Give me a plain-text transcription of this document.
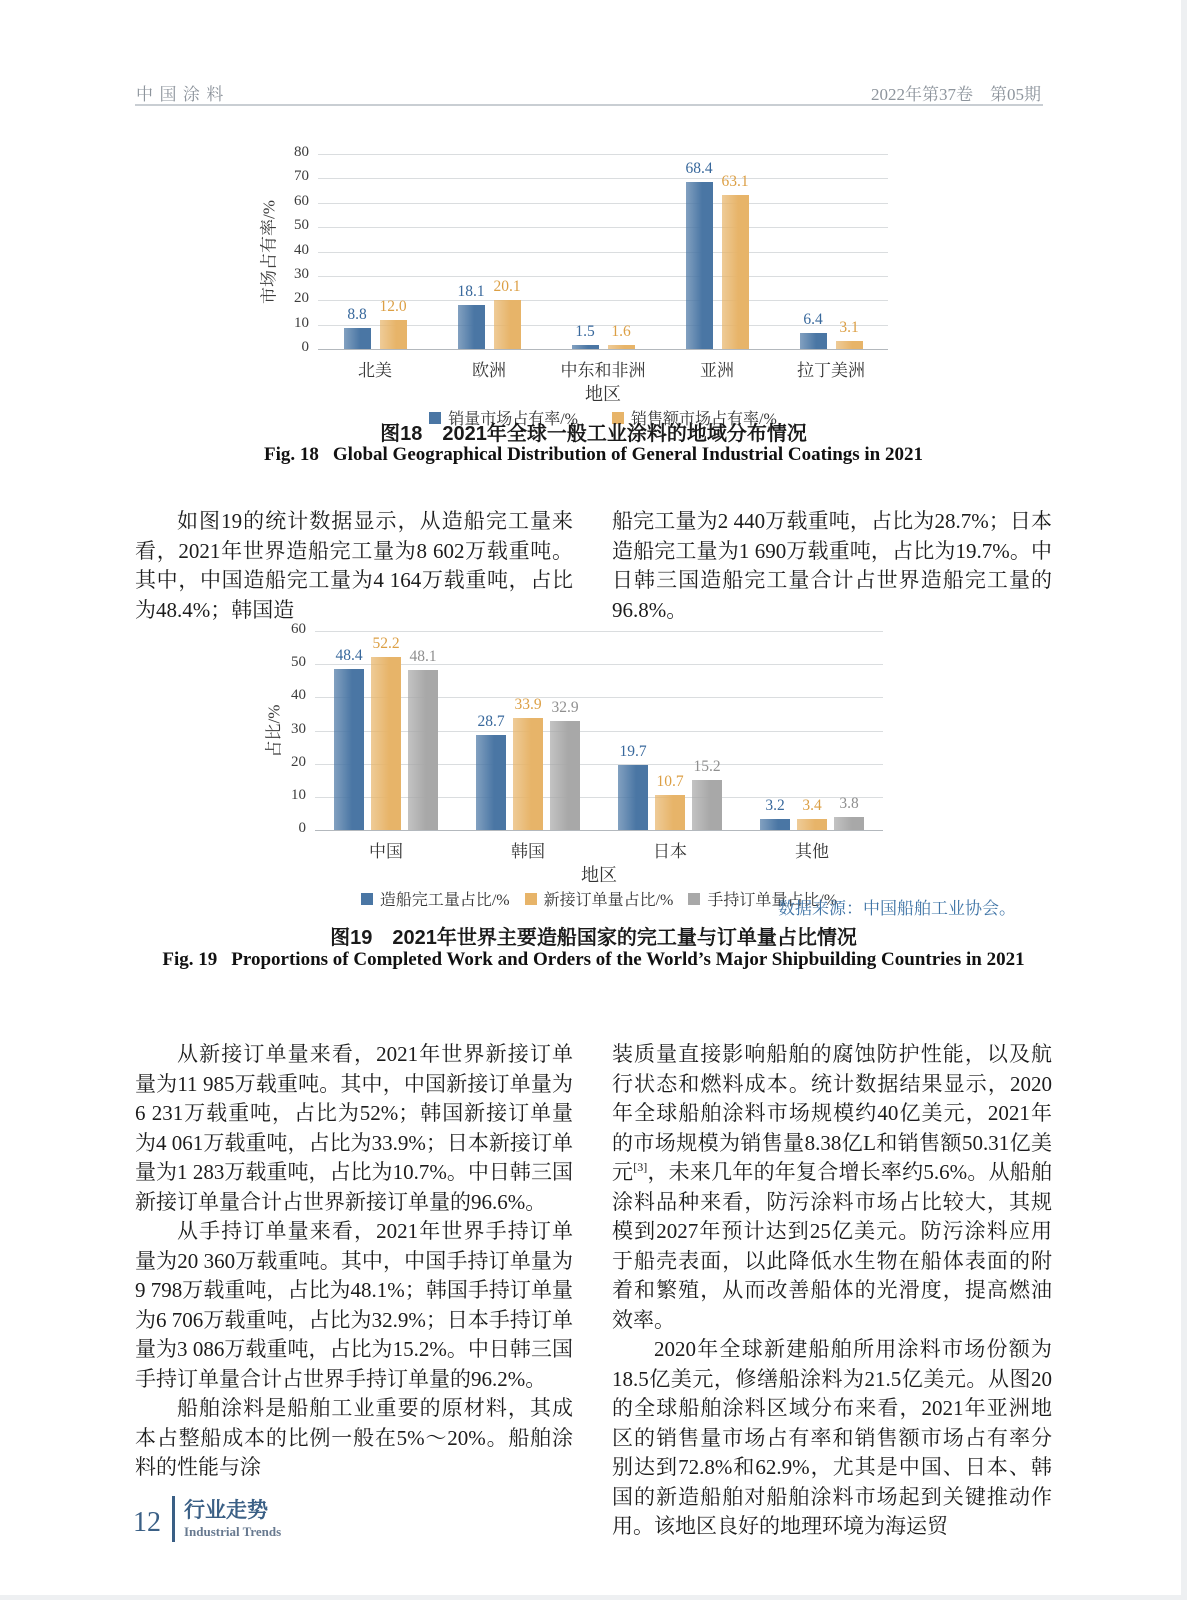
中国涂料	2022年第37卷　第05期
市场占有率/%
0
10
20
30
40
50
60
70
80
北美
8.8 12.0
欧洲
18.1 20.1
中东和非洲
1.5	1.6
亚洲
68.4
63.1
拉丁美洲
6.4	3.1
地区
销量市场占有率/%	销售额市场占有率/%
图18 2021年全球一般工业涂料的地域分布情况
Fig. 18 Global Geographical Distribution of General Industrial Coatings in 2021

如图19的统计数据显示，从造船完工量来看，2021年世界造船完工量为8 602万载重吨。其中，中国造船完工量为4 164万载重吨，占比为48.4%；韩国造

船完工量为2 440万载重吨，占比为28.7%；日本造船完工量为1 690万载重吨，占比为19.7%。中日韩三国造船完工量合计占世界造船完工量的96.8%。

占比/%
0
10
20
30
40
50
60
中国
48.4
52.2
48.1
韩国
28.7
33.9 32.9
日本
19.7
10.7
15.2
其他
3.2	3.4	3.8
地区
造船完工量占比/% 新接订单量占比/% 手持订单量占比/%
数据来源：中国船舶工业协会。
图19 2021年世界主要造船国家的完工量与订单量占比情况
Fig. 19 Proportions of Completed Work and Orders of the World’s Major Shipbuilding Countries in 2021

从新接订单量来看，2021年世界新接订单量为11 985万载重吨。其中，中国新接订单量为6 231万载重吨，占比为52%；韩国新接订单量为4 061万载重吨，占比为33.9%；日本新接订单量为1 283万载重吨，占比为10.7%。中日韩三国新接订单量合计占世界新接订单量的96.6%。

从手持订单量来看，2021年世界手持订单量为20 360万载重吨。其中，中国手持订单量为9 798万载重吨，占比为48.1%；韩国手持订单量为6 706万载重吨，占比为32.9%；日本手持订单量为3 086万载重吨，占比为15.2%。中日韩三国手持订单量合计占世界手持订单量的96.2%。

船舶涂料是船舶工业重要的原材料，其成本占整船成本的比例一般在5%～20%。船舶涂料的性能与涂

装质量直接影响船舶的腐蚀防护性能，以及航行状态和燃料成本。统计数据结果显示，2020年全球船舶涂料市场规模约40亿美元，2021年的市场规模为销售量8.38亿L和销售额50.31亿美元[3]，未来几年的年复合增长率约5.6%。从船舶涂料品种来看，防污涂料市场占比较大，其规模到2027年预计达到25亿美元。防污涂料应用于船壳表面，以此降低水生物在船体表面的附着和繁殖，从而改善船体的光滑度，提高燃油效率。

2020年全球新建船舶所用涂料市场份额为18.5亿美元，修缮船涂料为21.5亿美元。从图20的全球船舶涂料区域分布来看，2021年亚洲地区的销售量市场占有率和销售额市场占有率分别达到72.8%和62.9%，尤其是中国、日本、韩国的新造船舶对船舶涂料市场起到关键推动作用。该地区良好的地理环境为海运贸

12 行业走势
Industrial Trends
